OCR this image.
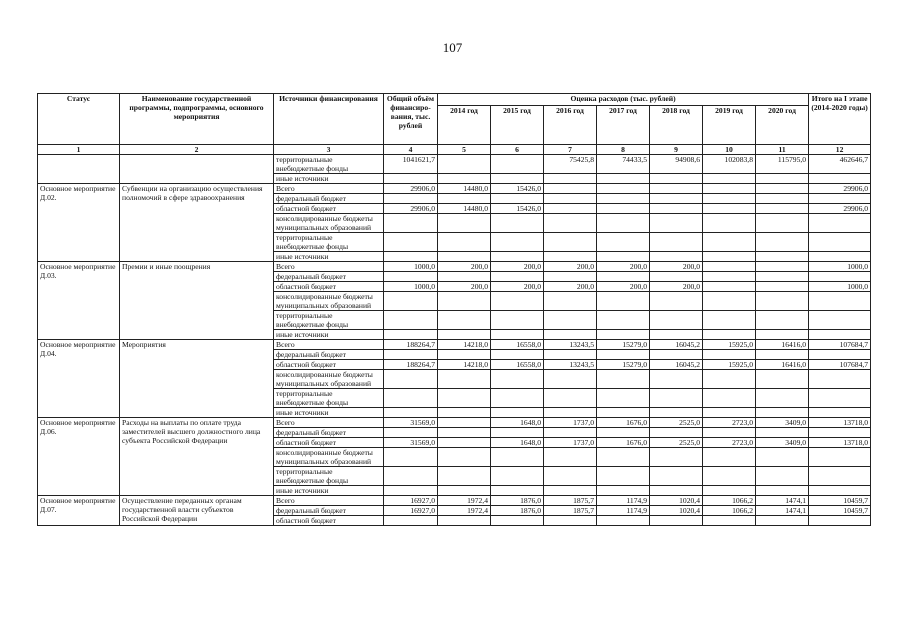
107
Статус	Наименование государственной программы, подпрограммы, основного мероприятия	Источники финансирования	Общий объём финансиро-вания, тыс. рублей	Оценка расходов (тыс. рублей)							Итого на I этапе (2014-2020 годы)
				2014 год	2015 год	2016 год	2017 год	2018 год	2019 год	2020 год	
1	2	3	4	5	6	7	8	9	10	11	12
		территориальные внебюджетные фонды	1041621,7			75425,8	74433,5	94908,6	102083,8	115795,0	462646,7
		иные источники									
Основное мероприятие Д.02.	Субвенции на организацию осуществления полномочий в сфере здравоохранения	Всего	29906,0	14480,0	15426,0						29906,0
		федеральный бюджет									
		областной бюджет	29906,0	14480,0	15426,0						29906,0
		консолидированные бюджеты муниципальных образований									
		территориальные внебюджетные фонды									
		иные источники									
Основное мероприятие Д.03.	Премии и иные поощрения	Всего	1000,0	200,0	200,0	200,0	200,0	200,0			1000,0
		федеральный бюджет									
		областной бюджет	1000,0	200,0	200,0	200,0	200,0	200,0			1000,0
		консолидированные бюджеты муниципальных образований									
		территориальные внебюджетные фонды									
		иные источники									
Основное мероприятие Д.04.	Мероприятия	Всего	188264,7	14218,0	16558,0	13243,5	15279,0	16045,2	15925,0	16416,0	107684,7
		федеральный бюджет									
		областной бюджет	188264,7	14218,0	16558,0	13243,5	15279,0	16045,2	15925,0	16416,0	107684,7
		консолидированные бюджеты муниципальных образований									
		территориальные внебюджетные фонды									
		иные источники									
Основное мероприятие Д.06.	Расходы на выплаты по оплате труда заместителей высшего должностного лица субъекта Российской Федерации	Всего	31569,0		1648,0	1737,0	1676,0	2525,0	2723,0	3409,0	13718,0
		федеральный бюджет									
		областной бюджет	31569,0		1648,0	1737,0	1676,0	2525,0	2723,0	3409,0	13718,0
		консолидированные бюджеты муниципальных образований									
		территориальные внебюджетные фонды									
		иные источники									
Основное мероприятие Д.07.	Осуществление переданных органам государственной власти субъектов Российской Федерации	Всего	16927,0	1972,4	1876,0	1875,7	1174,9	1020,4	1066,2	1474,1	10459,7
		федеральный бюджет	16927,0	1972,4	1876,0	1875,7	1174,9	1020,4	1066,2	1474,1	10459,7
		областной бюджет									
